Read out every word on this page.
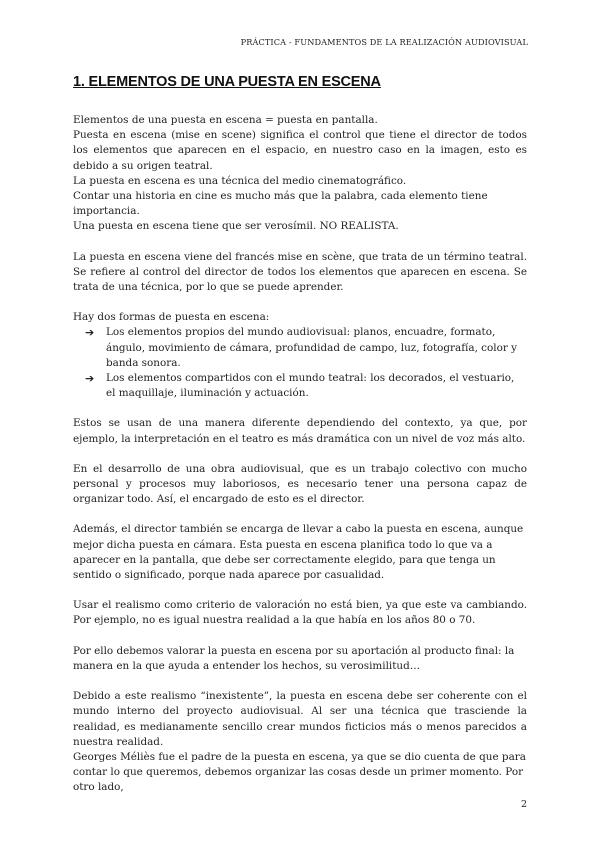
PRÁCTICA - FUNDAMENTOS DE LA REALIZACIÓN AUDIOVISUAL
1. ELEMENTOS DE UNA PUESTA EN ESCENA

Elementos de una puesta en escena = puesta en pantalla.

Puesta en escena (mise en scene) significa el control que tiene el director de todos los elementos que aparecen en el espacio, en nuestro caso en la imagen, esto es debido a su origen teatral.

La puesta en escena es una técnica del medio cinematográfico.

Contar una historia en cine es mucho más que la palabra, cada elemento tiene importancia.

Una puesta en escena tiene que ser verosímil. NO REALISTA.

La puesta en escena viene del francés mise en scène, que trata de un término teatral. Se refiere al control del director de todos los elementos que aparecen en escena. Se trata de una técnica, por lo que se puede aprender.

Hay dos formas de puesta en escena:

➔ Los elementos propios del mundo audiovisual: planos, encuadre, formato, ángulo, movimiento de cámara, profundidad de campo, luz, fotografía, color y banda sonora.
➔ Los elementos compartidos con el mundo teatral: los decorados, el vestuario, el maquillaje, iluminación y actuación.

Estos se usan de una manera diferente dependiendo del contexto, ya que, por ejemplo, la interpretación en el teatro es más dramática con un nivel de voz más alto.

En el desarrollo de una obra audiovisual, que es un trabajo colectivo con mucho personal y procesos muy laboriosos, es necesario tener una persona capaz de organizar todo. Así, el encargado de esto es el director.

Además, el director también se encarga de llevar a cabo la puesta en escena, aunque mejor dicha puesta en cámara. Esta puesta en escena planifica todo lo que va a aparecer en la pantalla, que debe ser correctamente elegido, para que tenga un sentido o significado, porque nada aparece por casualidad.

Usar el realismo como criterio de valoración no está bien, ya que este va cambiando. Por ejemplo, no es igual nuestra realidad a la que había en los años 80 o 70.

Por ello debemos valorar la puesta en escena por su aportación al producto final: la manera en la que ayuda a entender los hechos, su verosimilitud…

Debido a este realismo “inexistente”, la puesta en escena debe ser coherente con el mundo interno del proyecto audiovisual. Al ser una técnica que trasciende la realidad, es medianamente sencillo crear mundos ficticios más o menos parecidos a nuestra realidad.

Georges Méliès fue el padre de la puesta en escena, ya que se dio cuenta de que para contar lo que queremos, debemos organizar las cosas desde un primer momento. Por otro lado,

2
